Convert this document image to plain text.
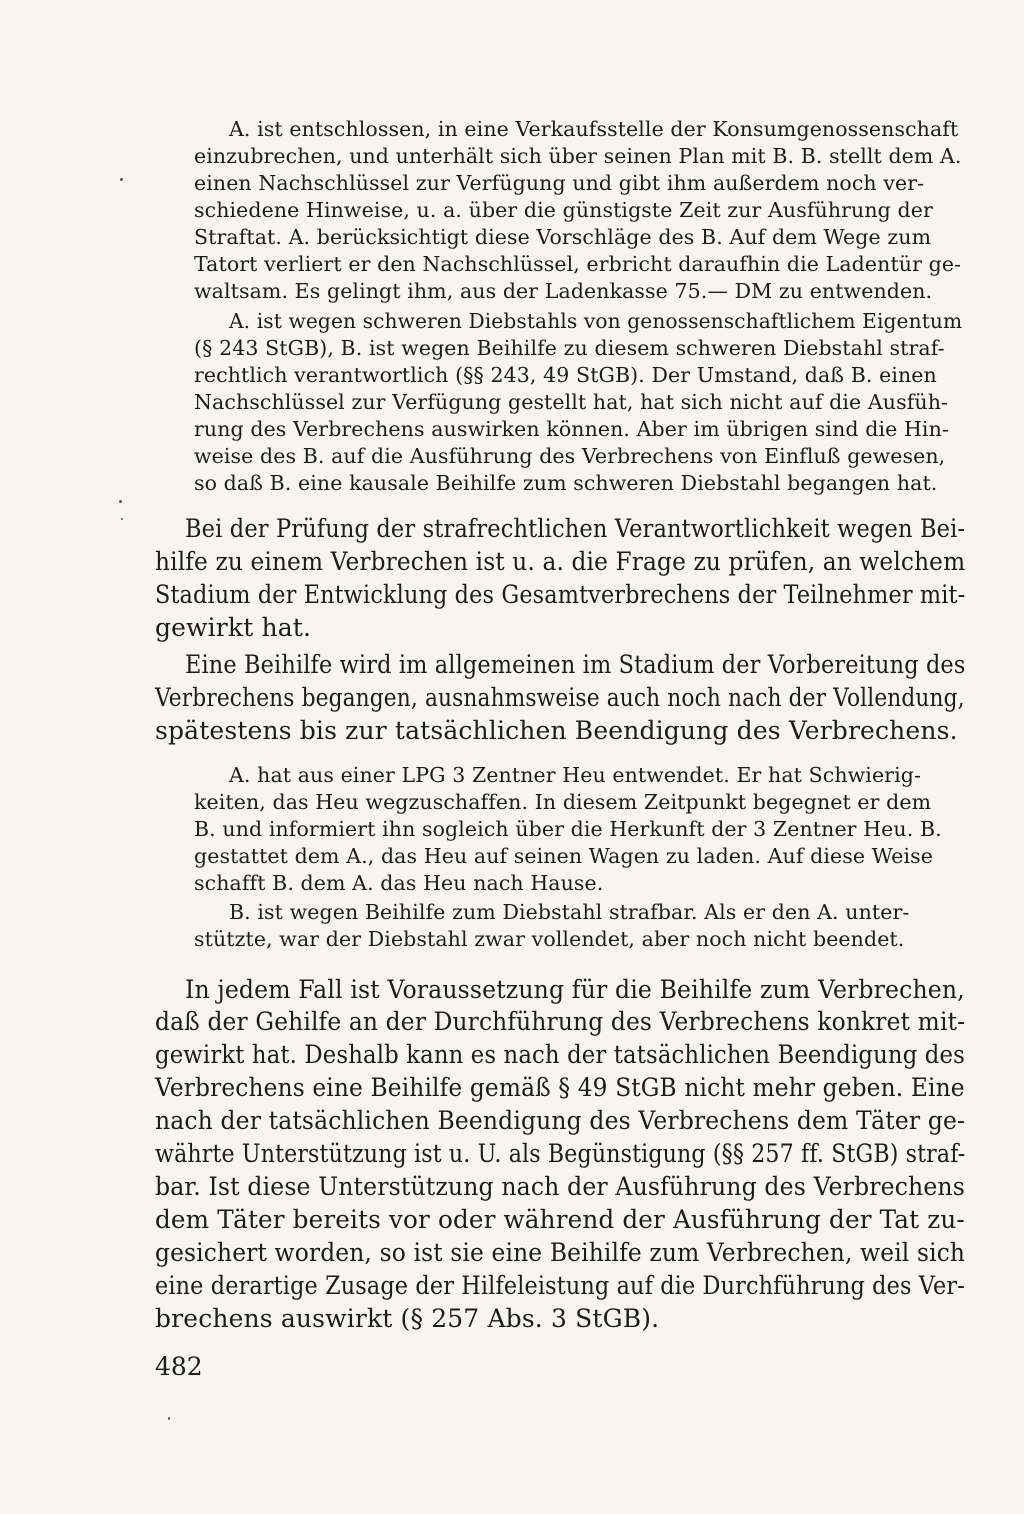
A. ist entschlossen, in eine Verkaufsstelle der Konsumgenossenschaft

einzubrechen, und unterhält sich über seinen Plan mit B. B. stellt dem A.

einen Nachschlüssel zur Verfügung und gibt ihm außerdem noch ver-

schiedene Hinweise, u. a. über die günstigste Zeit zur Ausführung der

Straftat. A. berücksichtigt diese Vorschläge des B. Auf dem Wege zum

Tatort verliert er den Nachschlüssel, erbricht daraufhin die Ladentür ge-

waltsam. Es gelingt ihm, aus der Ladenkasse 75.— DM zu entwenden.

A. ist wegen schweren Diebstahls von genossenschaftlichem Eigentum

(§ 243 StGB), B. ist wegen Beihilfe zu diesem schweren Diebstahl straf-

rechtlich verantwortlich (§§ 243, 49 StGB). Der Umstand, daß B. einen

Nachschlüssel zur Verfügung gestellt hat, hat sich nicht auf die Ausfüh-

rung des Verbrechens auswirken können. Aber im übrigen sind die Hin-

weise des B. auf die Ausführung des Verbrechens von Einfluß gewesen,

so daß B. eine kausale Beihilfe zum schweren Diebstahl begangen hat.

Bei der Prüfung der strafrechtlichen Verantwortlichkeit wegen Bei-

hilfe zu einem Verbrechen ist u. a. die Frage zu prüfen, an welchem

Stadium der Entwicklung des Gesamtverbrechens der Teilnehmer mit-

gewirkt hat.

Eine Beihilfe wird im allgemeinen im Stadium der Vorbereitung des

Verbrechens begangen, ausnahmsweise auch noch nach der Vollendung,

spätestens bis zur tatsächlichen Beendigung des Verbrechens.

A. hat aus einer LPG 3 Zentner Heu entwendet. Er hat Schwierig-

keiten, das Heu wegzuschaffen. In diesem Zeitpunkt begegnet er dem

B. und informiert ihn sogleich über die Herkunft der 3 Zentner Heu. B.

gestattet dem A., das Heu auf seinen Wagen zu laden. Auf diese Weise

schafft B. dem A. das Heu nach Hause.

B. ist wegen Beihilfe zum Diebstahl strafbar. Als er den A. unter-

stützte, war der Diebstahl zwar vollendet, aber noch nicht beendet.

In jedem Fall ist Voraussetzung für die Beihilfe zum Verbrechen,

daß der Gehilfe an der Durchführung des Verbrechens konkret mit-

gewirkt hat. Deshalb kann es nach der tatsächlichen Beendigung des

Verbrechens eine Beihilfe gemäß § 49 StGB nicht mehr geben. Eine

nach der tatsächlichen Beendigung des Verbrechens dem Täter ge-

währte Unterstützung ist u. U. als Begünstigung (§§ 257 ff. StGB) straf-

bar. Ist diese Unterstützung nach der Ausführung des Verbrechens

dem Täter bereits vor oder während der Ausführung der Tat zu-

gesichert worden, so ist sie eine Beihilfe zum Verbrechen, weil sich

eine derartige Zusage der Hilfeleistung auf die Durchführung des Ver-

brechens auswirkt (§ 257 Abs. 3 StGB).

482
